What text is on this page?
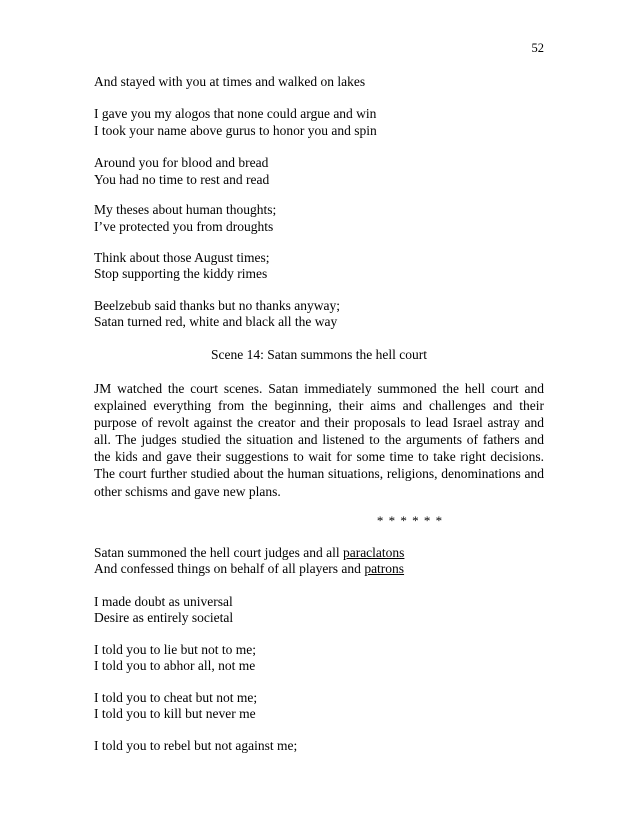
52
And stayed with you at times and walked on lakes
I gave you my alogos that none could argue and win
I took your name above gurus to honor you and spin
Around you for blood and bread
You had no time to rest and read
My theses about human thoughts;
I’ve protected you from droughts
Think about those August times;
Stop supporting the kiddy rimes
Beelzebub said thanks but no thanks anyway;
Satan turned red, white and black all the way
Scene 14: Satan summons the hell court
JM watched the court scenes. Satan immediately summoned the hell court and explained everything from the beginning, their aims and challenges and their purpose of revolt against the creator and their proposals to lead Israel astray and all. The judges studied the situation and listened to the arguments of fathers and the kids and gave their suggestions to wait for some time to take right decisions. The court further studied about the human situations, religions, denominations and other schisms and gave new plans.
* * * * * *
Satan summoned the hell court judges and all paraclatons
And confessed things on behalf of all players and patrons
I made doubt as universal
Desire as entirely societal
I told you to lie but not to me;
I told you to abhor all, not me
I told you to cheat but not me;
I told you to kill but never me
I told you to rebel but not against me;
